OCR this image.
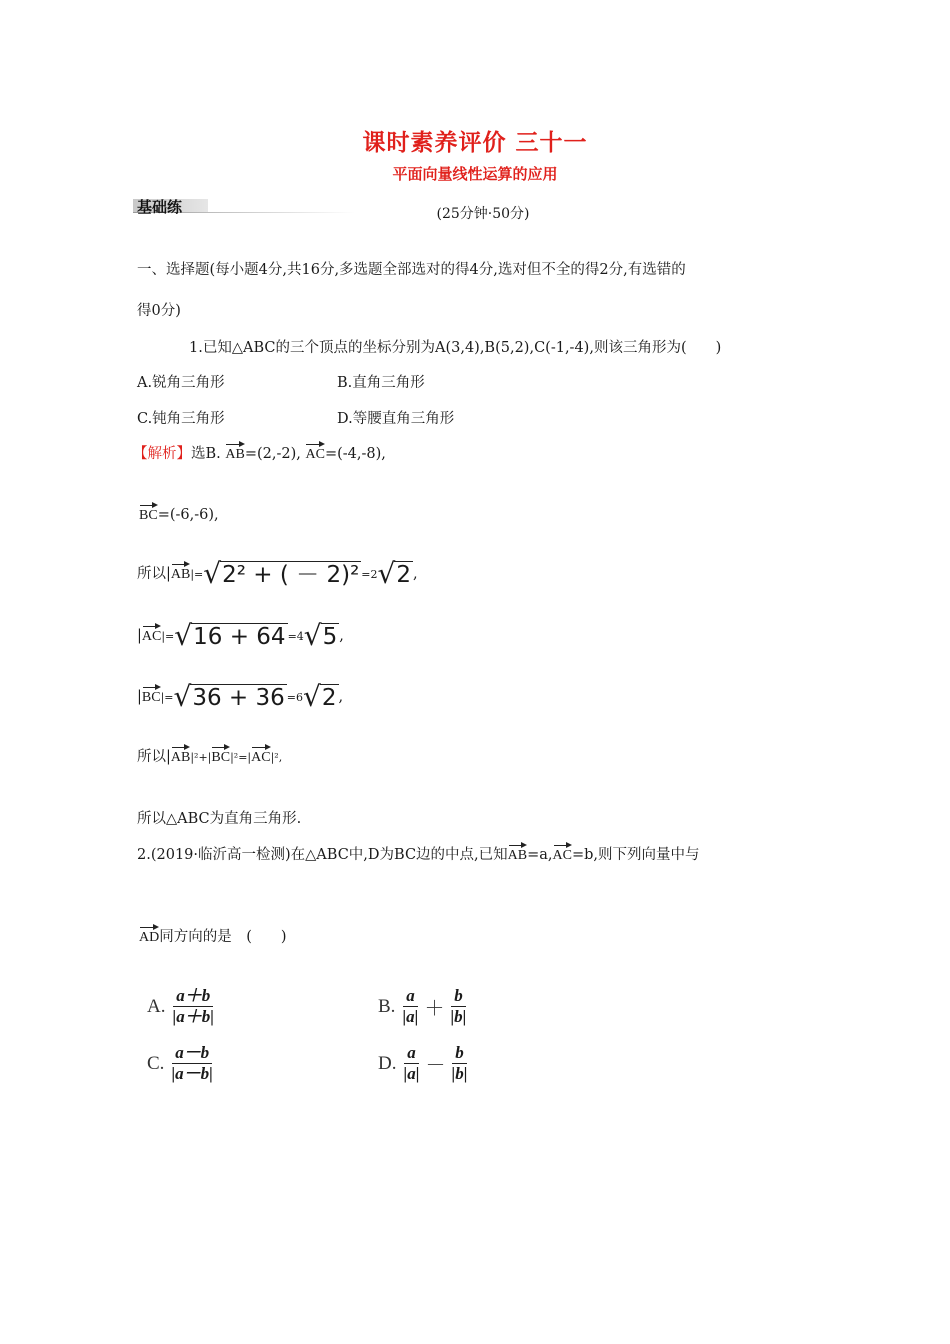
课时素养评价 三十一
平面向量线性运算的应用
基础练	(25分钟·50分)
一、选择题(每小题4分,共16分,多选题全部选对的得4分,选对但不全的得2分,有选错的
得0分)
1.已知△ABC的三个顶点的坐标分别为A(3,4),B(5,2),C(-1,-4),则该三角形为(　　)
A.锐角三角形	B.直角三角形
C.钝角三角形	D.等腰直角三角形
【解析】选B. AB=(2,-2), AC=(-4,-8),
BC=(-6,-6),
所以|AB|= √ 2² + ( － 2)² =2 √ 2 ,
|AC|= √ 16 + 64 =4 √ 5 ,
|BC|= √ 36 + 36 =6 √ 2 ,
所以|AB|²+|BC|²=|AC|²,
所以△ABC为直角三角形.
2.(2019·临沂高一检测)在△ABC中,D为BC边的中点,已知AB=a,AC=b,则下列向量中与
AD同方向的是　(　　)
A. $\frac{a+b}{|a+b|}$	B. $\frac{a}{|a|} + \frac{b}{|b|}$
C. $\frac{a-b}{|a-b|}$	D. $\frac{a}{|a|} - \frac{b}{|b|}$
